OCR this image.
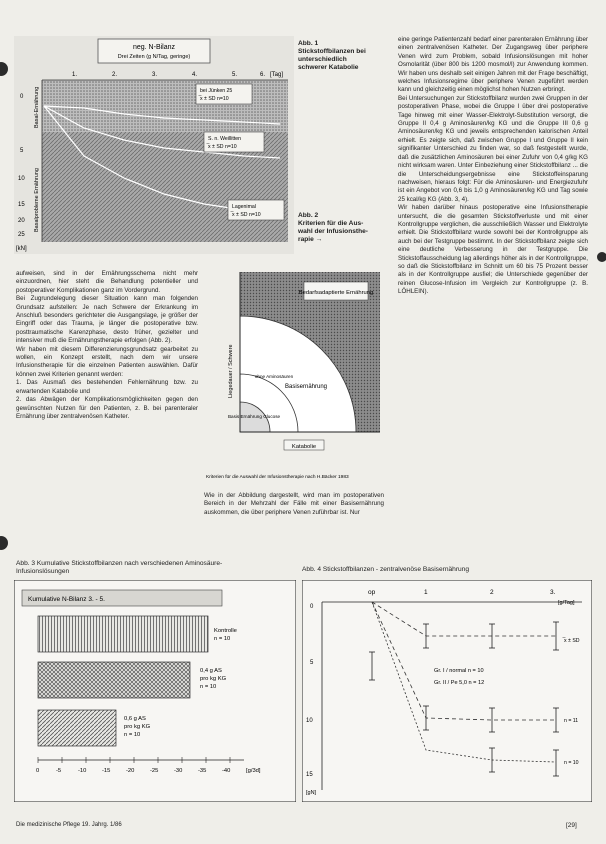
neg. N-Bilanz
Drei Zeiten (g N/Tag, geringe)
1.	2.	3.	4.	5.	6. [Tag]
0
5
10
15
20
25
[kN]
Basal-Ernährung
Basalprobleme Ernährung
bei Jünken 25
̅x ± SD n=10
S. n. Weillitten
̅x ± SD n=10
Lagenimal
̅x ± SD n=10
Abb. 1
Stickstoffbilanzen bei
unterschiedlich
schwerer Katabolie
Abb. 2
Kriterien für die Aus-
wahl der Infusionsthe-
rapie →

aufweisen, sind in der Ernährungsschema nicht mehr einzuordnen, hier steht die Behandlung potentieller und postoperativer Komplikationen ganz im Vordergrund.

Bei Zugrundelegung dieser Situation kann man folgenden Grundsatz aufstellen: Je nach Schwere der Erkrankung im Anschluß besonders gerichteter die Ausgangslage, je größer der Eingriff oder das Trauma, je länger die postoperative bzw. posttraumatische Karenzphase, desto früher, gezielter und intensiver muß die Ernährungstherapie erfolgen (Abb. 2).

Wir haben mit diesem Differenzierungsgrundsatz gearbeitet zu wollen, ein Konzept erstellt, nach dem wir unsere Infusionstherapie für die einzelnen Patienten auswählen. Dafür können zwei Kriterien genannt werden:

1. Das Ausmaß des bestehenden Fehlernährung bzw. zu erwartenden Katabolie und

2. das Abwägen der Komplikationsmöglichkeiten gegen den gewünschten Nutzen für den Patienten, z. B. bei parenteraler Ernährung über zentralvenösen Katheter.

Bedarfsadaptierte Ernährung
Basisernährung
ohne Aminosäuren
Basis Ernährung Glucose
Liegedauer / Schwere
Katabolie
Kriterien für die Auswahl der Infusionstherapie nach H.Bäcker 1983

Wie in der Abbildung dargestellt, wird man im postoperativen Bereich in der Mehrzahl der Fälle mit einer Basisernährung auskommen, die über periphere Venen zuführbar ist. Nur

eine geringe Patientenzahl bedarf einer parenteralen Ernährung über einen zentralvenösen Katheter. Der Zugangsweg über periphere Venen wird zum Problem, sobald Infusionslösungen mit hoher Osmolarität (über 800 bis 1200 mosmol/l) zur Anwendung kommen. Wir haben uns deshalb seit einigen Jahren mit der Frage beschäftigt, welches Infusionsregime über periphere Venen zugeführt werden kann und gleichzeitig einen möglichst hohen Nutzen erbringt.

Bei Untersuchungen zur Stickstoffbilanz wurden zwei Gruppen in der postoperativen Phase, wobei die Gruppe I über drei postoperative Tage hinweg mit einer Wasser-Elektrolyt-Substitution versorgt, die Gruppe II 0,4 g Aminosäuren/kg KG und die Gruppe III 0,6 g Aminosäuren/kg KG und jeweils entsprechenden kalorischen Anteil erhielt. Es zeigte sich, daß zwischen Gruppe I und Gruppe II kein signifikanter Unterschied zu finden war, so daß festgestellt wurde, daß die zusätzlichen Aminosäuren bei einer Zufuhr von 0,4 g/kg KG nicht wirksam waren. Unter Einbeziehung einer Stickstoffbilanz ... die die Unterscheidungsergebnisse eine Stickstoffeinsparung nachweisen, hieraus folgt: Für die Aminosäuren- und Energiezufuhr ist ein Angebot von 0,6 bis 1,0 g Aminosäuren/kg KG und Tag sowie 25 kcal/kg KG (Abb. 3, 4).

Wir haben darüber hinaus postoperative eine Infusionstherapie untersucht, die die gesamten Stickstoffverluste und mit einer Kontrollgruppe verglichen, die ausschließlich Wasser und Elektrolyte erhielt. Die Stickstoffbilanz wurde sowohl bei der Kontrollgruppe als auch bei der Testgruppe bestimmt. In der Stickstoffbilanz zeigte sich eine deutliche Verbesserung in der Testgruppe. Die Stickstoffausscheidung lag allerdings höher als in der Kontrollgruppe, so daß die Stickstoffbilanz im Schnitt um 60 bis 75 Prozent besser als in der Kontrollgruppe ausfiel; die Unterschiede gegenüber der reinen Glucose-Infusion im Vergleich zur Kontrollgruppe (z. B. LÖHLEIN).

Abb. 3 Kumulative Stickstoffbilanzen nach verschiedenen Aminosäure-
Infusionslösungen
Kumulative N-Bilanz 3. - 5.
Kontrolle
n = 10
0,4 g AS
pro kg KG
n = 10
0,6 g AS
pro kg KG
n = 10
0	-5	-10	-15	-20	-25	-30	-35	-40	[g/3d]
Abb. 4 Stickstoffbilanzen - zentralvenöse Basisernährung
op	1	2	3.
[g/Tag]
0
5
10
15
[gN]
̅x ± SD
n = 11
n = 10
Gr. I / normal n = 10
Gr. II / Pe 5,0 n = 12
Die medizinische Pflege 19. Jahrg. 1/86	[29]
